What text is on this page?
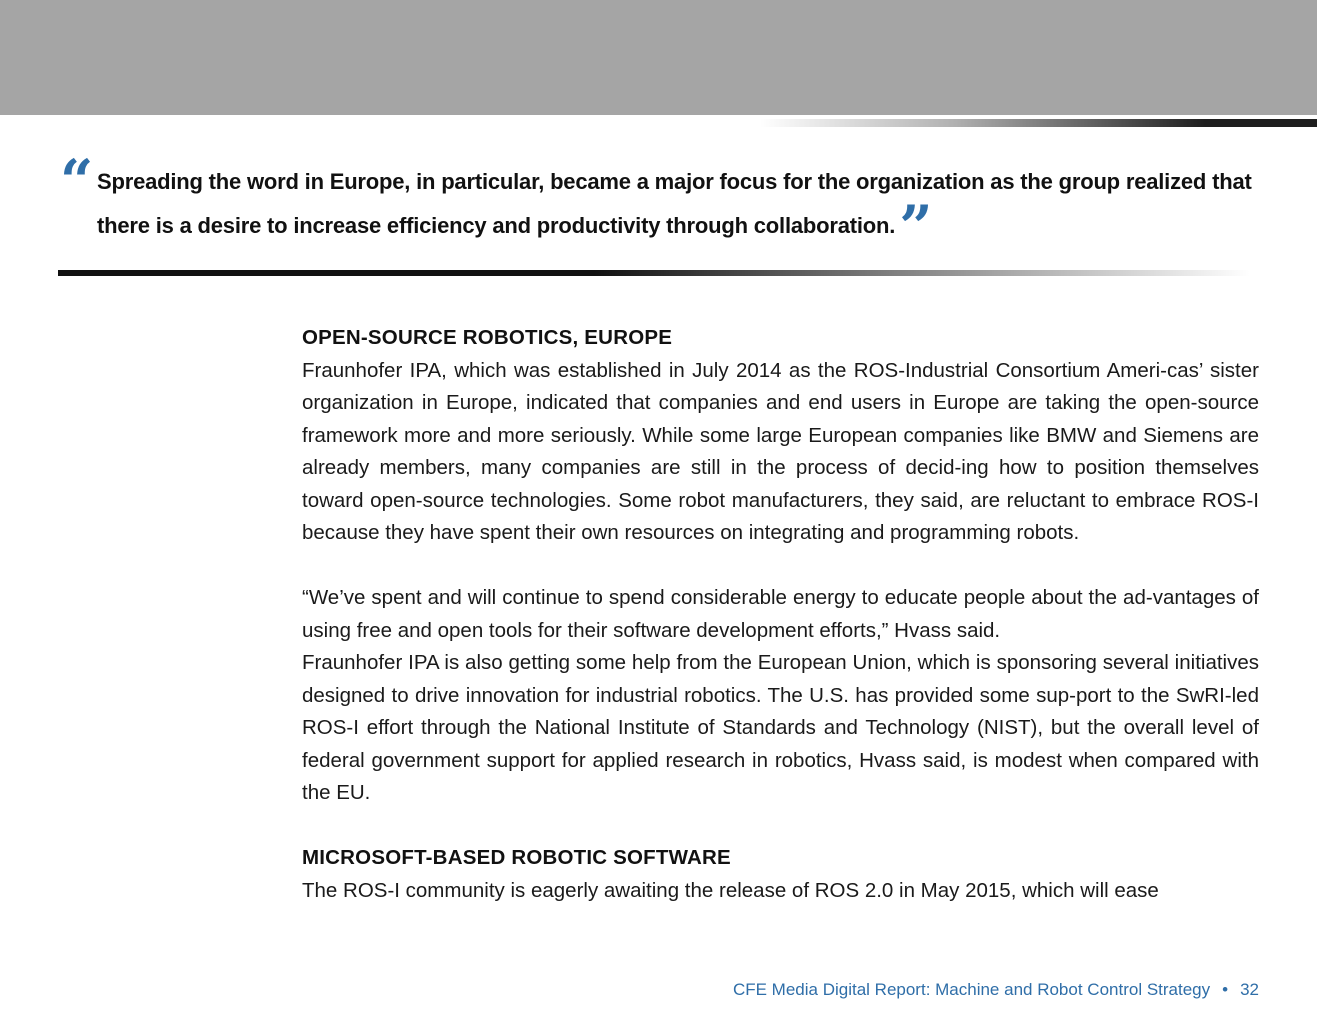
“ Spreading the word in Europe, in particular, became a major focus for the organization as the group realized that there is a desire to increase efficiency and productivity through collaboration.”

OPEN-SOURCE ROBOTICS, EUROPE

Fraunhofer IPA, which was established in July 2014 as the ROS-Industrial Consortium Ameri-cas’ sister organization in Europe, indicated that companies and end users in Europe are taking the open-source framework more and more seriously. While some large European companies like BMW and Siemens are already members, many companies are still in the process of decid-ing how to position themselves toward open-source technologies. Some robot manufacturers, they said, are reluctant to embrace ROS-I because they have spent their own resources on integrating and programming robots.

“We’ve spent and will continue to spend considerable energy to educate people about the ad-vantages of using free and open tools for their software development efforts,” Hvass said.

Fraunhofer IPA is also getting some help from the European Union, which is sponsoring several initiatives designed to drive innovation for industrial robotics. The U.S. has provided some sup-port to the SwRI-led ROS-I effort through the National Institute of Standards and Technology (NIST), but the overall level of federal government support for applied research in robotics, Hvass said, is modest when compared with the EU.

MICROSOFT-BASED ROBOTIC SOFTWARE

The ROS-I community is eagerly awaiting the release of ROS 2.0 in May 2015, which will ease

CFE Media Digital Report: Machine and Robot Control Strategy • 32
